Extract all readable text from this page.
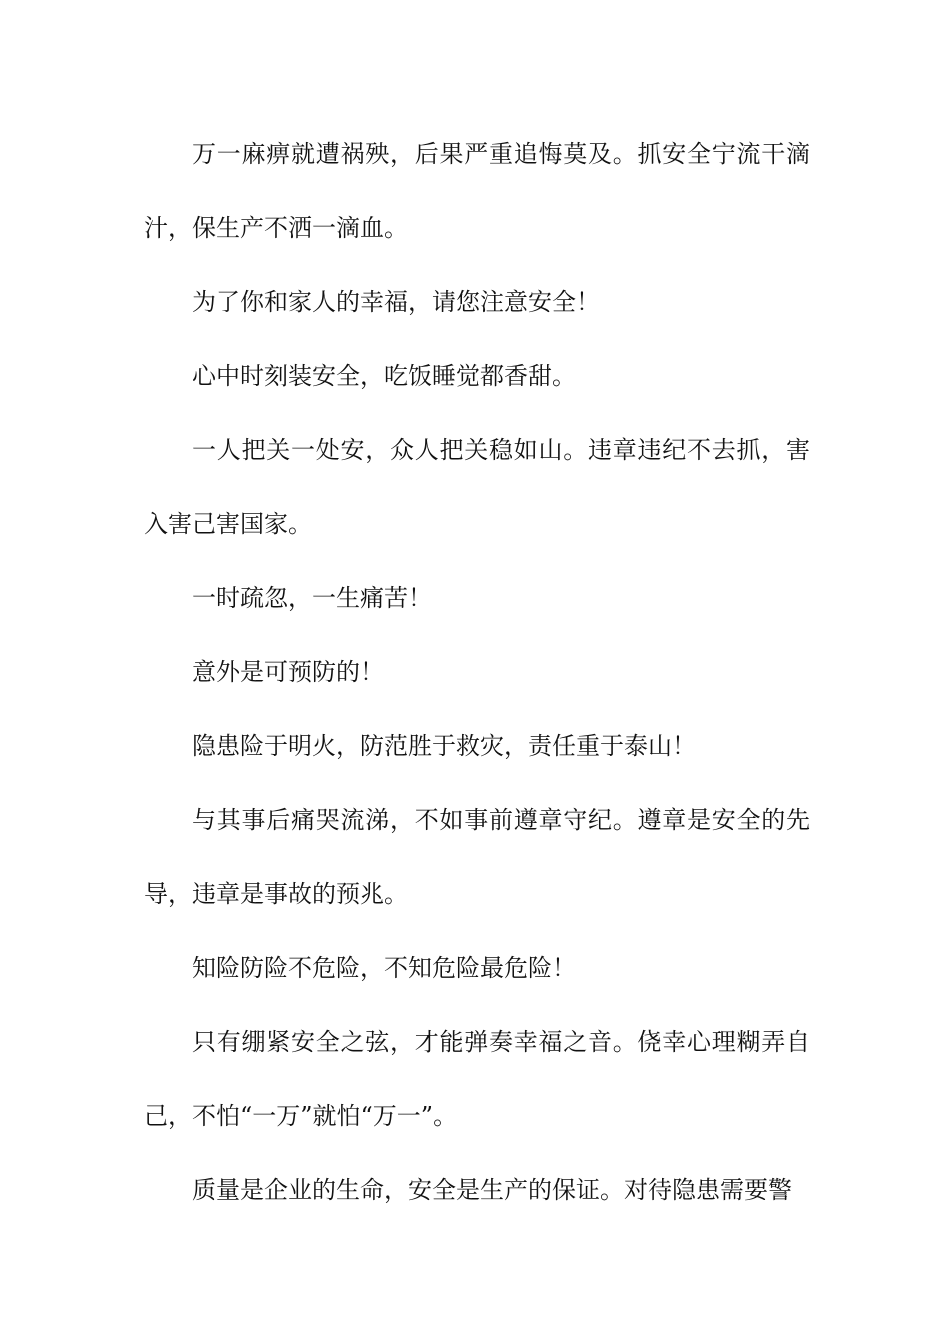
万一麻痹就遭祸殃，后果严重追悔莫及。抓安全宁流干滴汁，保生产不洒一滴血。

为了你和家人的幸福，请您注意安全！

心中时刻装安全，吃饭睡觉都香甜。

一人把关一处安，众人把关稳如山。违章违纪不去抓，害入害己害国家。

一时疏忽，一生痛苦！

意外是可预防的！

隐患险于明火，防范胜于救灾，责任重于泰山！

与其事后痛哭流涕，不如事前遵章守纪。遵章是安全的先导，违章是事故的预兆。

知险防险不危险，不知危险最危险！

只有绷紧安全之弦，才能弹奏幸福之音。侥幸心理糊弄自己，不怕“一万”就怕“万一”。

质量是企业的生命，安全是生产的保证。对待隐患需要警
